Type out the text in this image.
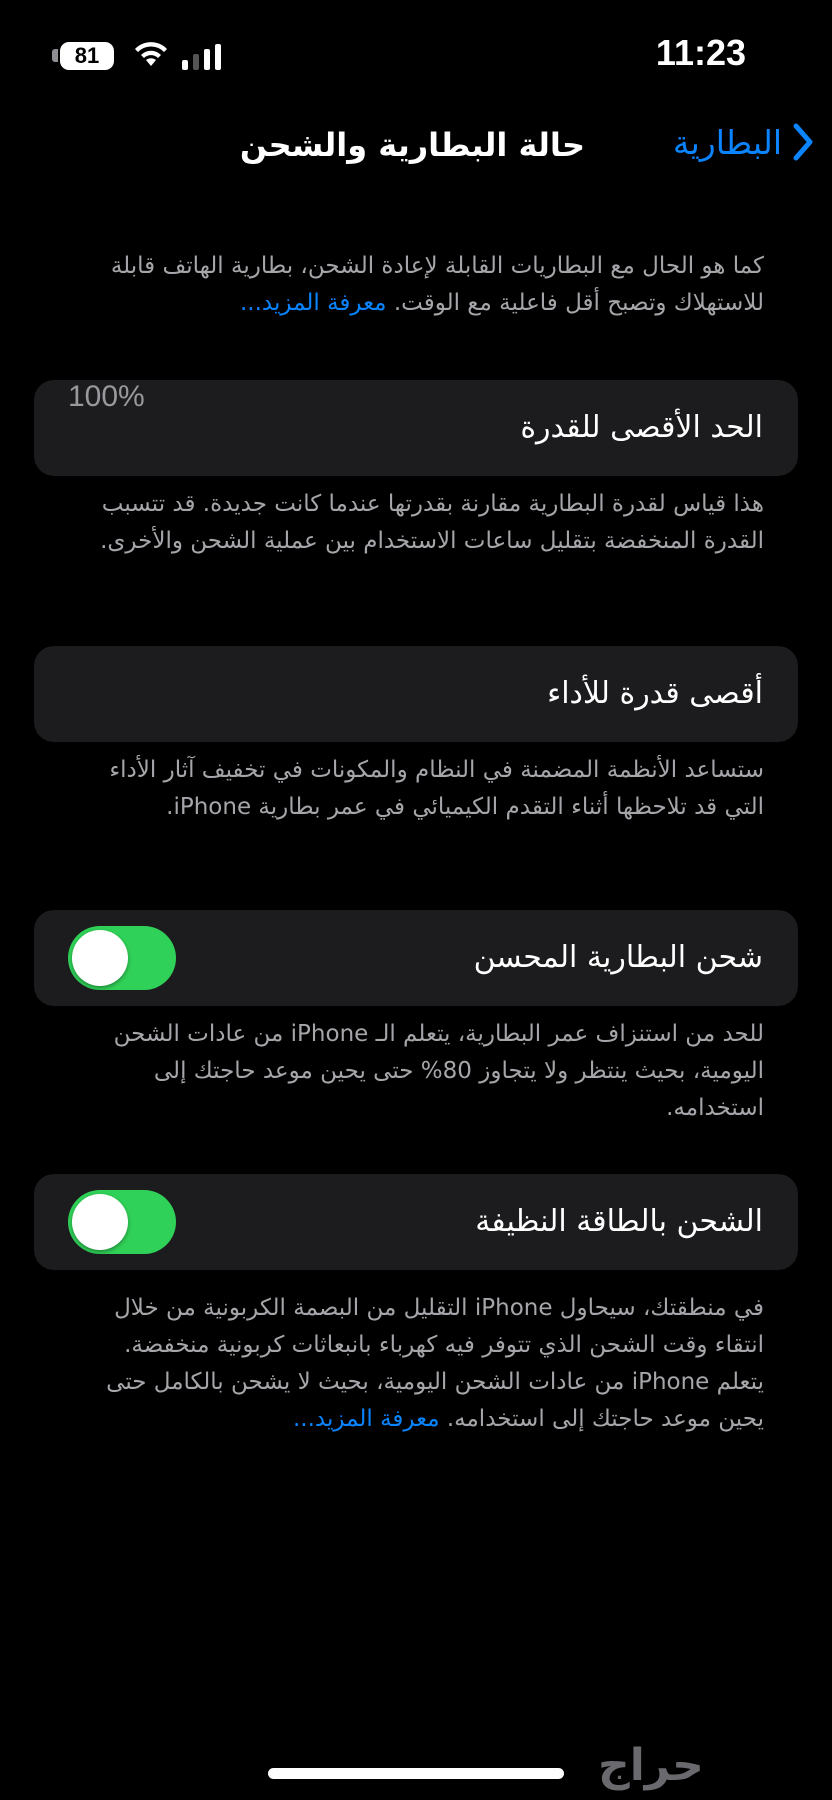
81	11:23
البطارية
حالة البطارية والشحن
كما هو الحال مع البطاريات القابلة لإعادة الشحن، بطارية الهاتف قابلة للاستهلاك وتصبح أقل فاعلية مع الوقت. معرفة المزيد...
الحد الأقصى للقدرة
100%
هذا قياس لقدرة البطارية مقارنة بقدرتها عندما كانت جديدة. قد تتسبب القدرة المنخفضة بتقليل ساعات الاستخدام بين عملية الشحن والأخرى.
أقصى قدرة للأداء
ستساعد الأنظمة المضمنة في النظام والمكونات في تخفيف آثار الأداء التي قد تلاحظها أثناء التقدم الكيميائي في عمر بطارية iPhone.
شحن البطارية المحسن
للحد من استنزاف عمر البطارية، يتعلم الـ iPhone من عادات الشحن اليومية، بحيث ينتظر ولا يتجاوز 80% حتى يحين موعد حاجتك إلى استخدامه.
الشحن بالطاقة النظيفة
في منطقتك، سيحاول iPhone التقليل من البصمة الكربونية من خلال انتقاء وقت الشحن الذي تتوفر فيه كهرباء بانبعاثات كربونية منخفضة. يتعلم iPhone من عادات الشحن اليومية، بحيث لا يشحن بالكامل حتى يحين موعد حاجتك إلى استخدامه. معرفة المزيد...
حراج
